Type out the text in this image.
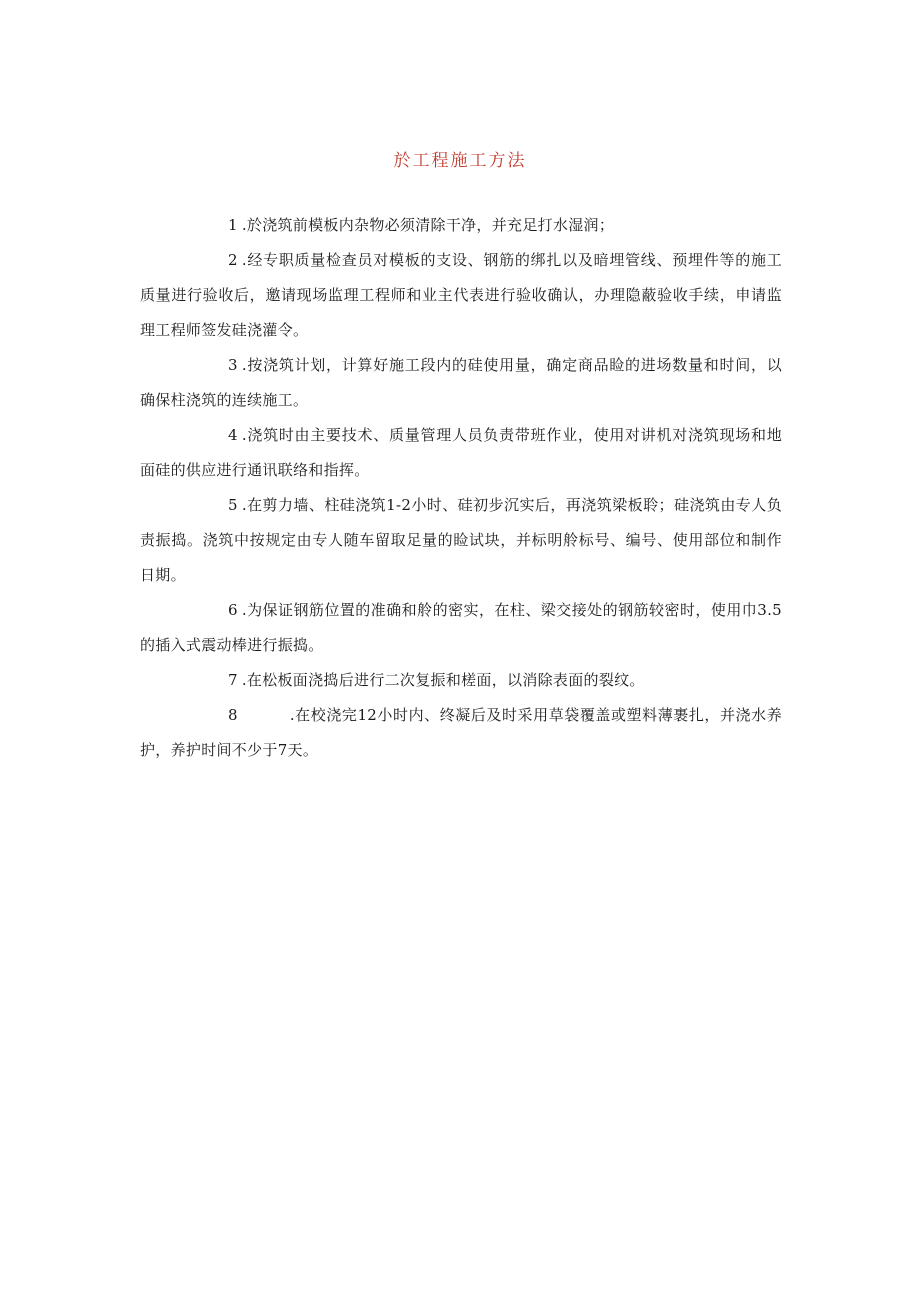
於工程施工方法

1 .於浇筑前模板内杂物必须清除干净，并充足打水湿润；

2 .经专职质量检查员对模板的支设、钢筋的绑扎以及暗埋管线、预埋件等的施工质量进行验收后，邀请现场监理工程师和业主代表进行验收确认，办理隐蔽验收手续，申请监理工程师签发硅浇灌令。

3 .按浇筑计划，计算好施工段内的硅使用量，确定商品睑的进场数量和时间，以确保柱浇筑的连续施工。

4 .浇筑时由主要技术、质量管理人员负责带班作业，使用对讲机对浇筑现场和地面硅的供应进行通讯联络和指挥。

5 .在剪力墙、柱硅浇筑1-2小时、硅初步沉实后，再浇筑梁板聆；硅浇筑由专人负责振捣。浇筑中按规定由专人随车留取足量的睑试块，并标明舲标号、编号、使用部位和制作日期。

6 .为保证钢筋位置的准确和舲的密实，在柱、梁交接处的钢筋较密时，使用巾3.5的插入式震动棒进行振捣。

7 .在松板面浇捣后进行二次复振和槎面，以消除表面的裂纹。

8	.在校浇完12小时内、终凝后及时采用草袋覆盖或塑料薄裹扎，并浇水养护，养护时间不少于7天。
